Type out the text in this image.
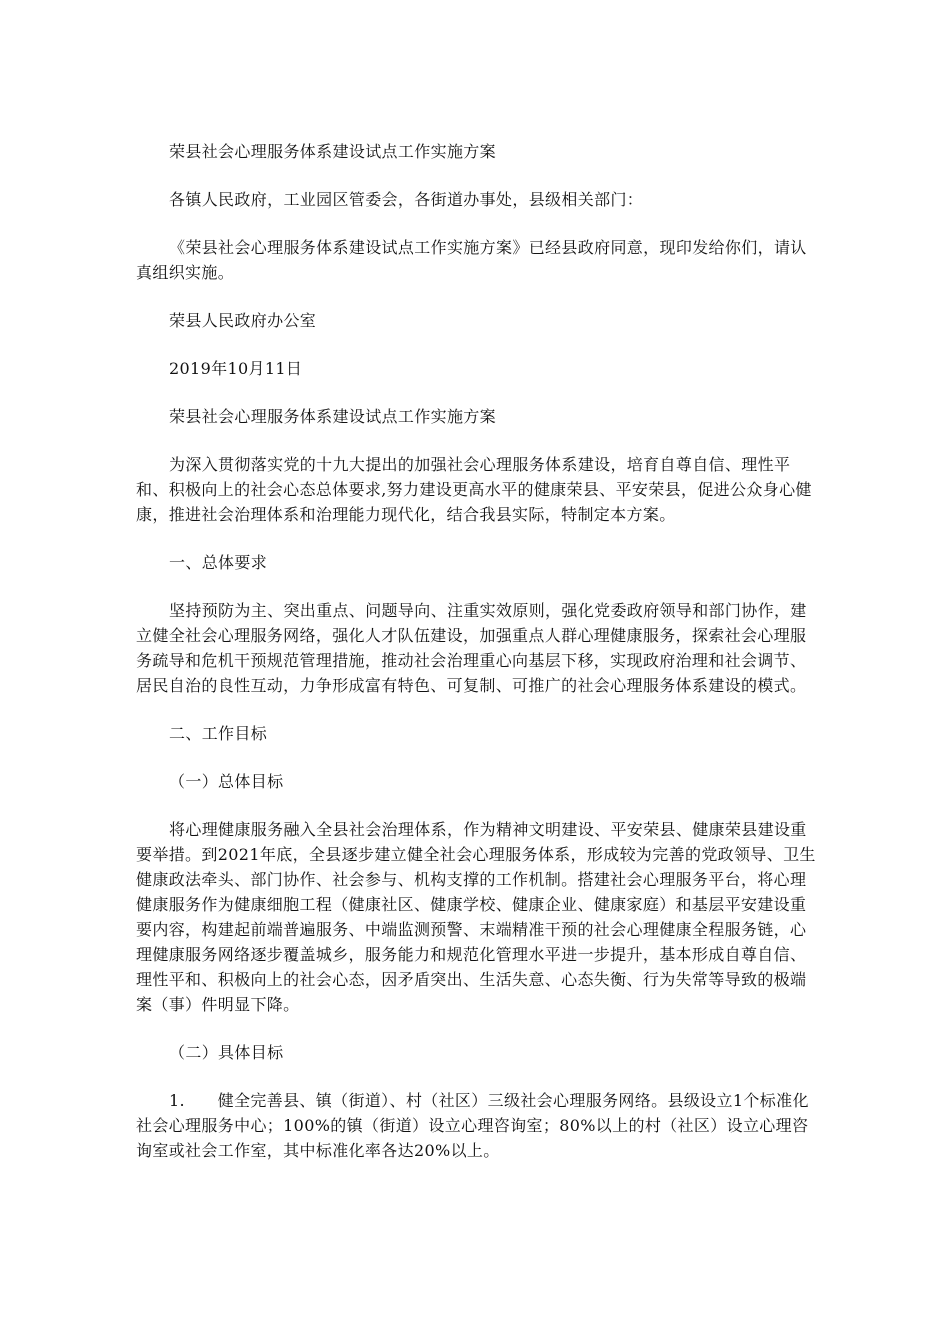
荣县社会心理服务体系建设试点工作实施方案

各镇人民政府，工业园区管委会，各街道办事处，县级相关部门：

《荣县社会心理服务体系建设试点工作实施方案》已经县政府同意，现印发给你们，请认真组织实施。

荣县人民政府办公室

2019年10月11日

荣县社会心理服务体系建设试点工作实施方案

为深入贯彻落实党的十九大提出的加强社会心理服务体系建设，培育自尊自信、理性平和、积极向上的社会心态总体要求,努力建设更高水平的健康荣县、平安荣县，促进公众身心健康，推进社会治理体系和治理能力现代化，结合我县实际，特制定本方案。

一、总体要求

坚持预防为主、突出重点、问题导向、注重实效原则，强化党委政府领导和部门协作，建立健全社会心理服务网络，强化人才队伍建设，加强重点人群心理健康服务，探索社会心理服务疏导和危机干预规范管理措施，推动社会治理重心向基层下移，实现政府治理和社会调节、居民自治的良性互动，力争形成富有特色、可复制、可推广的社会心理服务体系建设的模式。

二、工作目标

（一）总体目标

将心理健康服务融入全县社会治理体系，作为精神文明建设、平安荣县、健康荣县建设重要举措。到2021年底，全县逐步建立健全社会心理服务体系，形成较为完善的党政领导、卫生健康政法牵头、部门协作、社会参与、机构支撑的工作机制。搭建社会心理服务平台，将心理健康服务作为健康细胞工程（健康社区、健康学校、健康企业、健康家庭）和基层平安建设重要内容，构建起前端普遍服务、中端监测预警、末端精准干预的社会心理健康全程服务链，心理健康服务网络逐步覆盖城乡，服务能力和规范化管理水平进一步提升，基本形成自尊自信、理性平和、积极向上的社会心态，因矛盾突出、生活失意、心态失衡、行为失常等导致的极端案（事）件明显下降。

（二）具体目标

1.　　健全完善县、镇（街道）、村（社区）三级社会心理服务网络。县级设立1个标准化社会心理服务中心；100%的镇（街道）设立心理咨询室；80%以上的村（社区）设立心理咨询室或社会工作室，其中标准化率各达20%以上。
